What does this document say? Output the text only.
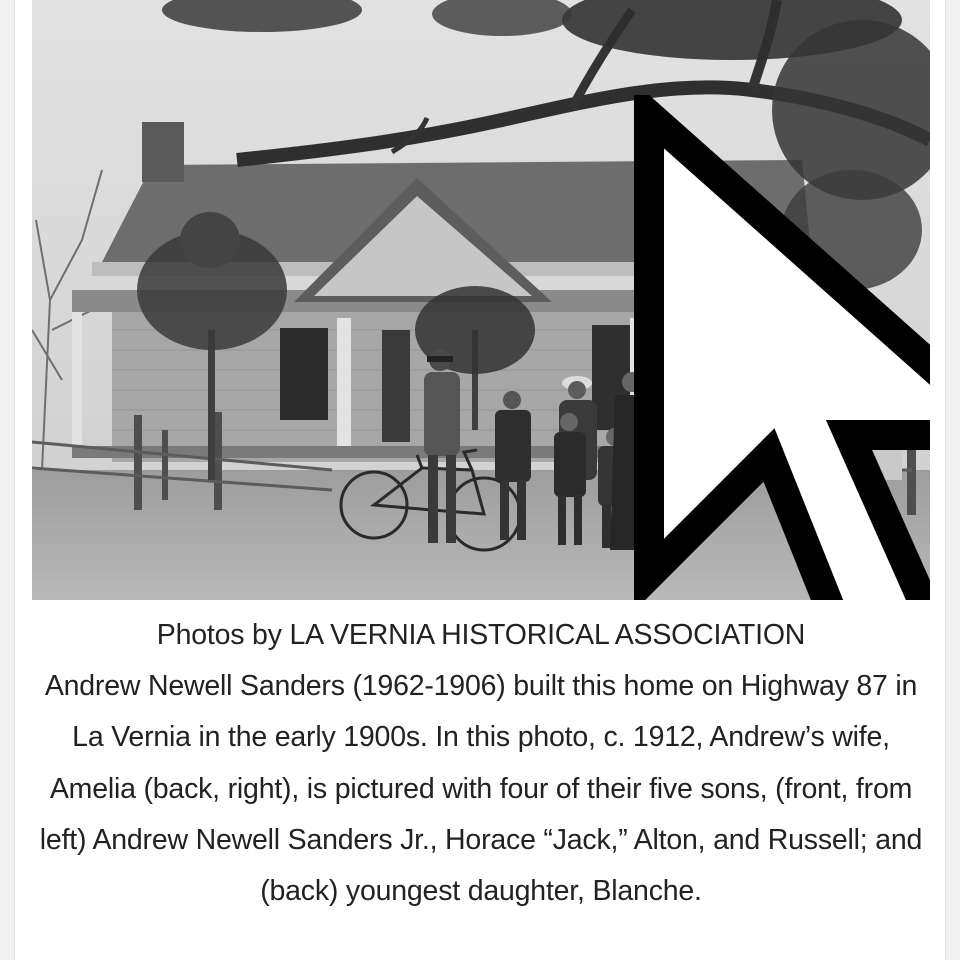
Photos by LA VERNIA HISTORICAL ASSOCIATION

Andrew Newell Sanders (1962-1906) built this home on Highway 87 in La Vernia in the early 1900s. In this photo, c. 1912, Andrew’s wife, Amelia (back, right), is pictured with four of their five sons, (front, from left) Andrew Newell Sanders Jr., Horace “Jack,” Alton, and Russell; and (back) youngest daughter, Blanche.
